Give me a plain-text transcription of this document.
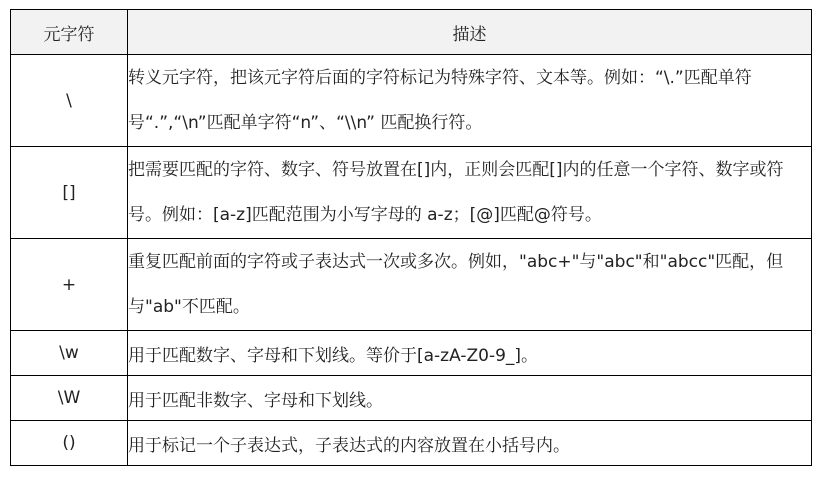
元字符	描述
\	转义元字符，把该元字符后面的字符标记为特殊字符、文本等。例如：“\.”匹配单符号“.”,“\n”匹配单字符“n”、“\\n” 匹配换行符。
[]	把需要匹配的字符、数字、符号放置在[]内，正则会匹配[]内的任意一个字符、数字或符号。例如：[a-z]匹配范围为小写字母的 a-z；[@]匹配@符号。
+	重复匹配前面的字符或子表达式一次或多次。例如，"abc+"与"abc"和"abcc"匹配，但与"ab"不匹配。
\w	用于匹配数字、字母和下划线。等价于[a-zA-Z0-9_]。
\W	用于匹配非数字、字母和下划线。
()	用于标记一个子表达式，子表达式的内容放置在小括号内。
